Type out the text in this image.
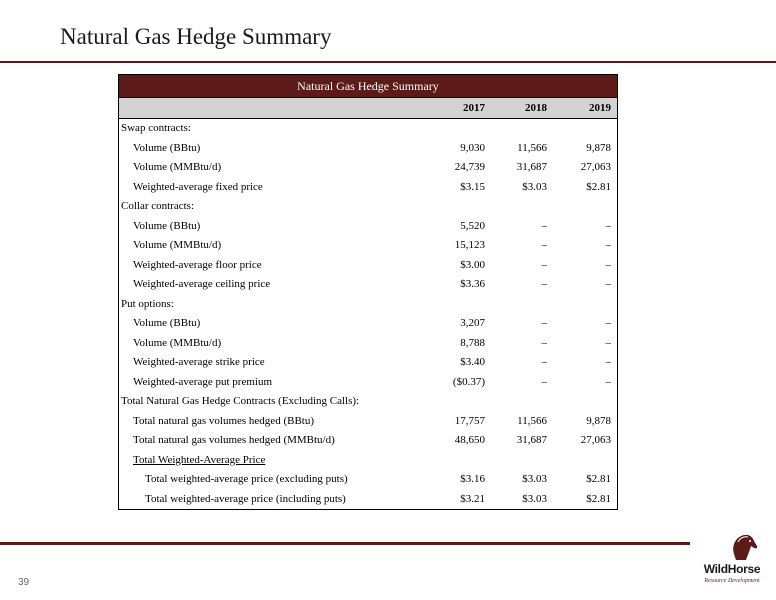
Natural Gas Hedge Summary
Natural Gas Hedge Summary
2017	2018	2019
Swap contracts:
Volume (BBtu)	9,030	11,566	9,878
Volume (MMBtu/d)	24,739	31,687	27,063
Weighted-average fixed price	$3.15	$3.03	$2.81
Collar contracts:
Volume (BBtu)	5,520	–	–
Volume (MMBtu/d)	15,123	–	–
Weighted-average floor price	$3.00	–	–
Weighted-average ceiling price	$3.36	–	–
Put options:
Volume (BBtu)	3,207	–	–
Volume (MMBtu/d)	8,788	–	–
Weighted-average strike price	$3.40	–	–
Weighted-average put premium	($0.37)	–	–
Total Natural Gas Hedge Contracts (Excluding Calls):
Total natural gas volumes hedged (BBtu)	17,757	11,566	9,878
Total natural gas volumes hedged (MMBtu/d)	48,650	31,687	27,063
Total Weighted-Average Price
Total weighted-average price (excluding puts)	$3.16	$3.03	$2.81
Total weighted-average price (including puts)	$3.21	$3.03	$2.81
39
WildHorse
Resource Development
